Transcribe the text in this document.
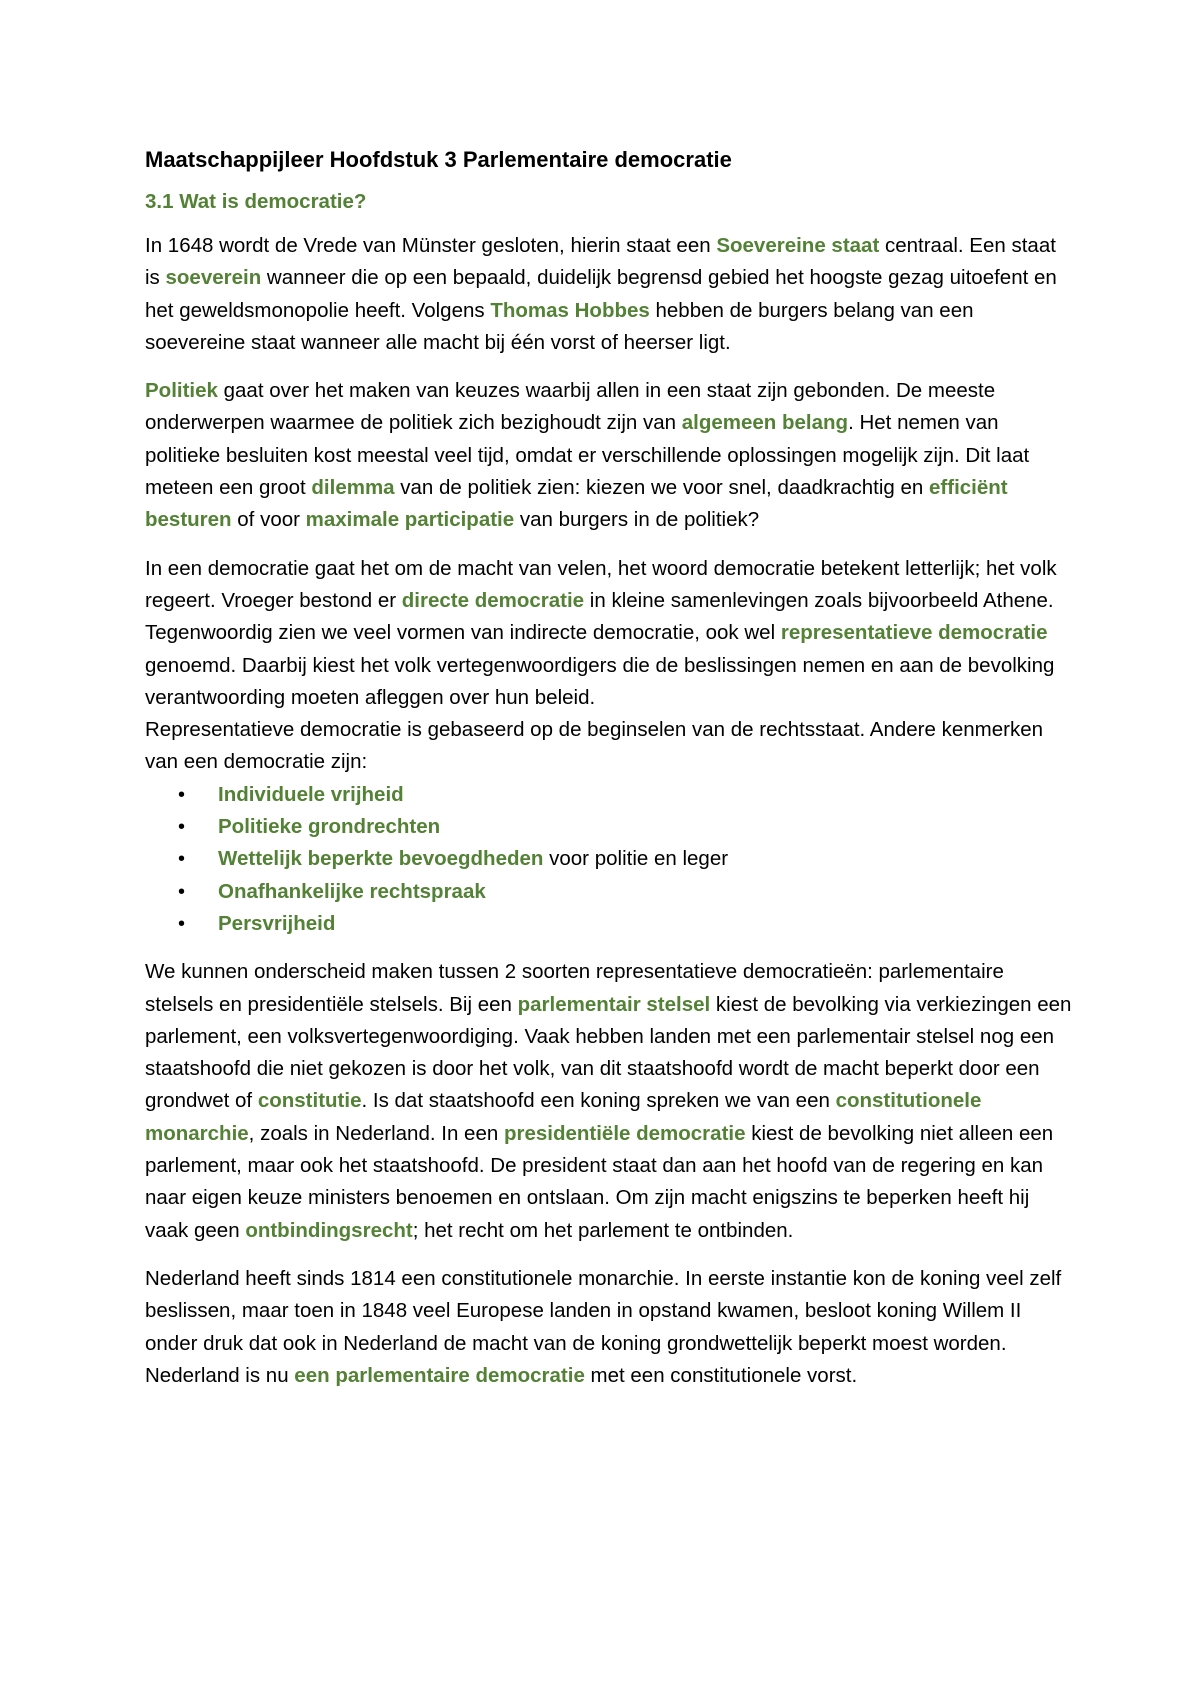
Maatschappijleer Hoofdstuk 3 Parlementaire democratie
3.1 Wat is democratie?

In 1648 wordt de Vrede van Münster gesloten, hierin staat een Soevereine staat centraal. Een staat is soeverein wanneer die op een bepaald, duidelijk begrensd gebied het hoogste gezag uitoefent en het geweldsmonopolie heeft. Volgens Thomas Hobbes hebben de burgers belang van een soevereine staat wanneer alle macht bij één vorst of heerser ligt.

Politiek gaat over het maken van keuzes waarbij allen in een staat zijn gebonden. De meeste onderwerpen waarmee de politiek zich bezighoudt zijn van algemeen belang. Het nemen van politieke besluiten kost meestal veel tijd, omdat er verschillende oplossingen mogelijk zijn. Dit laat meteen een groot dilemma van de politiek zien: kiezen we voor snel, daadkrachtig en efficiënt besturen of voor maximale participatie van burgers in de politiek?

In een democratie gaat het om de macht van velen, het woord democratie betekent letterlijk; het volk regeert. Vroeger bestond er directe democratie in kleine samenlevingen zoals bijvoorbeeld Athene. Tegenwoordig zien we veel vormen van indirecte democratie, ook wel representatieve democratie genoemd. Daarbij kiest het volk vertegenwoordigers die de beslissingen nemen en aan de bevolking verantwoording moeten afleggen over hun beleid.

Representatieve democratie is gebaseerd op de beginselen van de rechtsstaat. Andere kenmerken van een democratie zijn:

• Individuele vrijheid
• Politieke grondrechten
• Wettelijk beperkte bevoegdheden voor politie en leger
• Onafhankelijke rechtspraak
• Persvrijheid

We kunnen onderscheid maken tussen 2 soorten representatieve democratieën: parlementaire stelsels en presidentiële stelsels. Bij een parlementair stelsel kiest de bevolking via verkiezingen een parlement, een volksvertegenwoordiging. Vaak hebben landen met een parlementair stelsel nog een staatshoofd die niet gekozen is door het volk, van dit staatshoofd wordt de macht beperkt door een grondwet of constitutie. Is dat staatshoofd een koning spreken we van een constitutionele monarchie, zoals in Nederland. In een presidentiële democratie kiest de bevolking niet alleen een parlement, maar ook het staatshoofd. De president staat dan aan het hoofd van de regering en kan naar eigen keuze ministers benoemen en ontslaan. Om zijn macht enigszins te beperken heeft hij vaak geen ontbindingsrecht; het recht om het parlement te ontbinden.

Nederland heeft sinds 1814 een constitutionele monarchie. In eerste instantie kon de koning veel zelf beslissen, maar toen in 1848 veel Europese landen in opstand kwamen, besloot koning Willem II onder druk dat ook in Nederland de macht van de koning grondwettelijk beperkt moest worden. Nederland is nu een parlementaire democratie met een constitutionele vorst.
